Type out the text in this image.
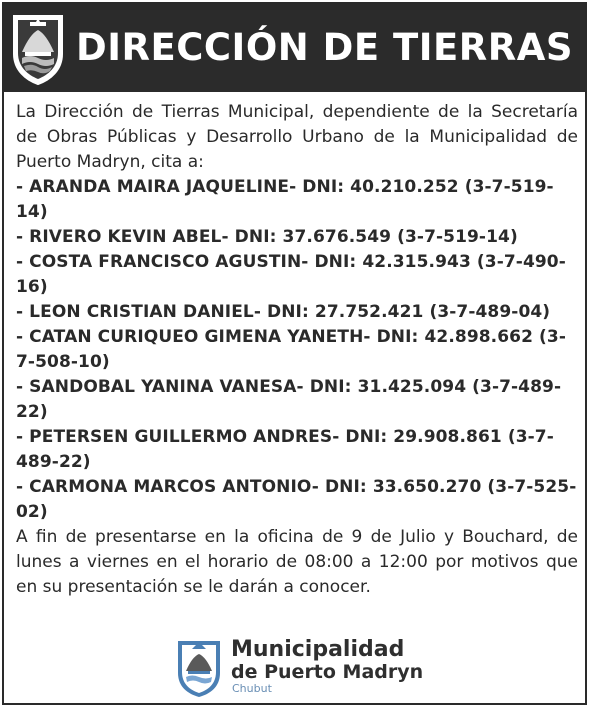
DIRECCIÓN DE TIERRAS

La Dirección de Tierras Municipal, dependiente de la Secretaría de Obras Públicas y Desarrollo Urbano de la Municipalidad de Puerto Madryn, cita a:

- ARANDA MAIRA JAQUELINE- DNI: 40.210.252 (3-7-519-14)
- RIVERO KEVIN ABEL- DNI: 37.676.549 (3-7-519-14)
- COSTA FRANCISCO AGUSTIN- DNI: 42.315.943 (3-7-490-16)
- LEON CRISTIAN DANIEL- DNI: 27.752.421 (3-7-489-04)
- CATAN CURIQUEO GIMENA YANETH- DNI: 42.898.662 (3-7-508-10)
- SANDOBAL YANINA VANESA- DNI: 31.425.094 (3-7-489-22)
- PETERSEN GUILLERMO ANDRES- DNI: 29.908.861 (3-7-489-22)
- CARMONA MARCOS ANTONIO- DNI: 33.650.270 (3-7-525-02)

A fin de presentarse en la oficina de 9 de Julio y Bouchard, de lunes a viernes en el horario de 08:00 a 12:00 por motivos que en su presentación se le darán a conocer.

Municipalidad
de Puerto Madryn
Chubut
